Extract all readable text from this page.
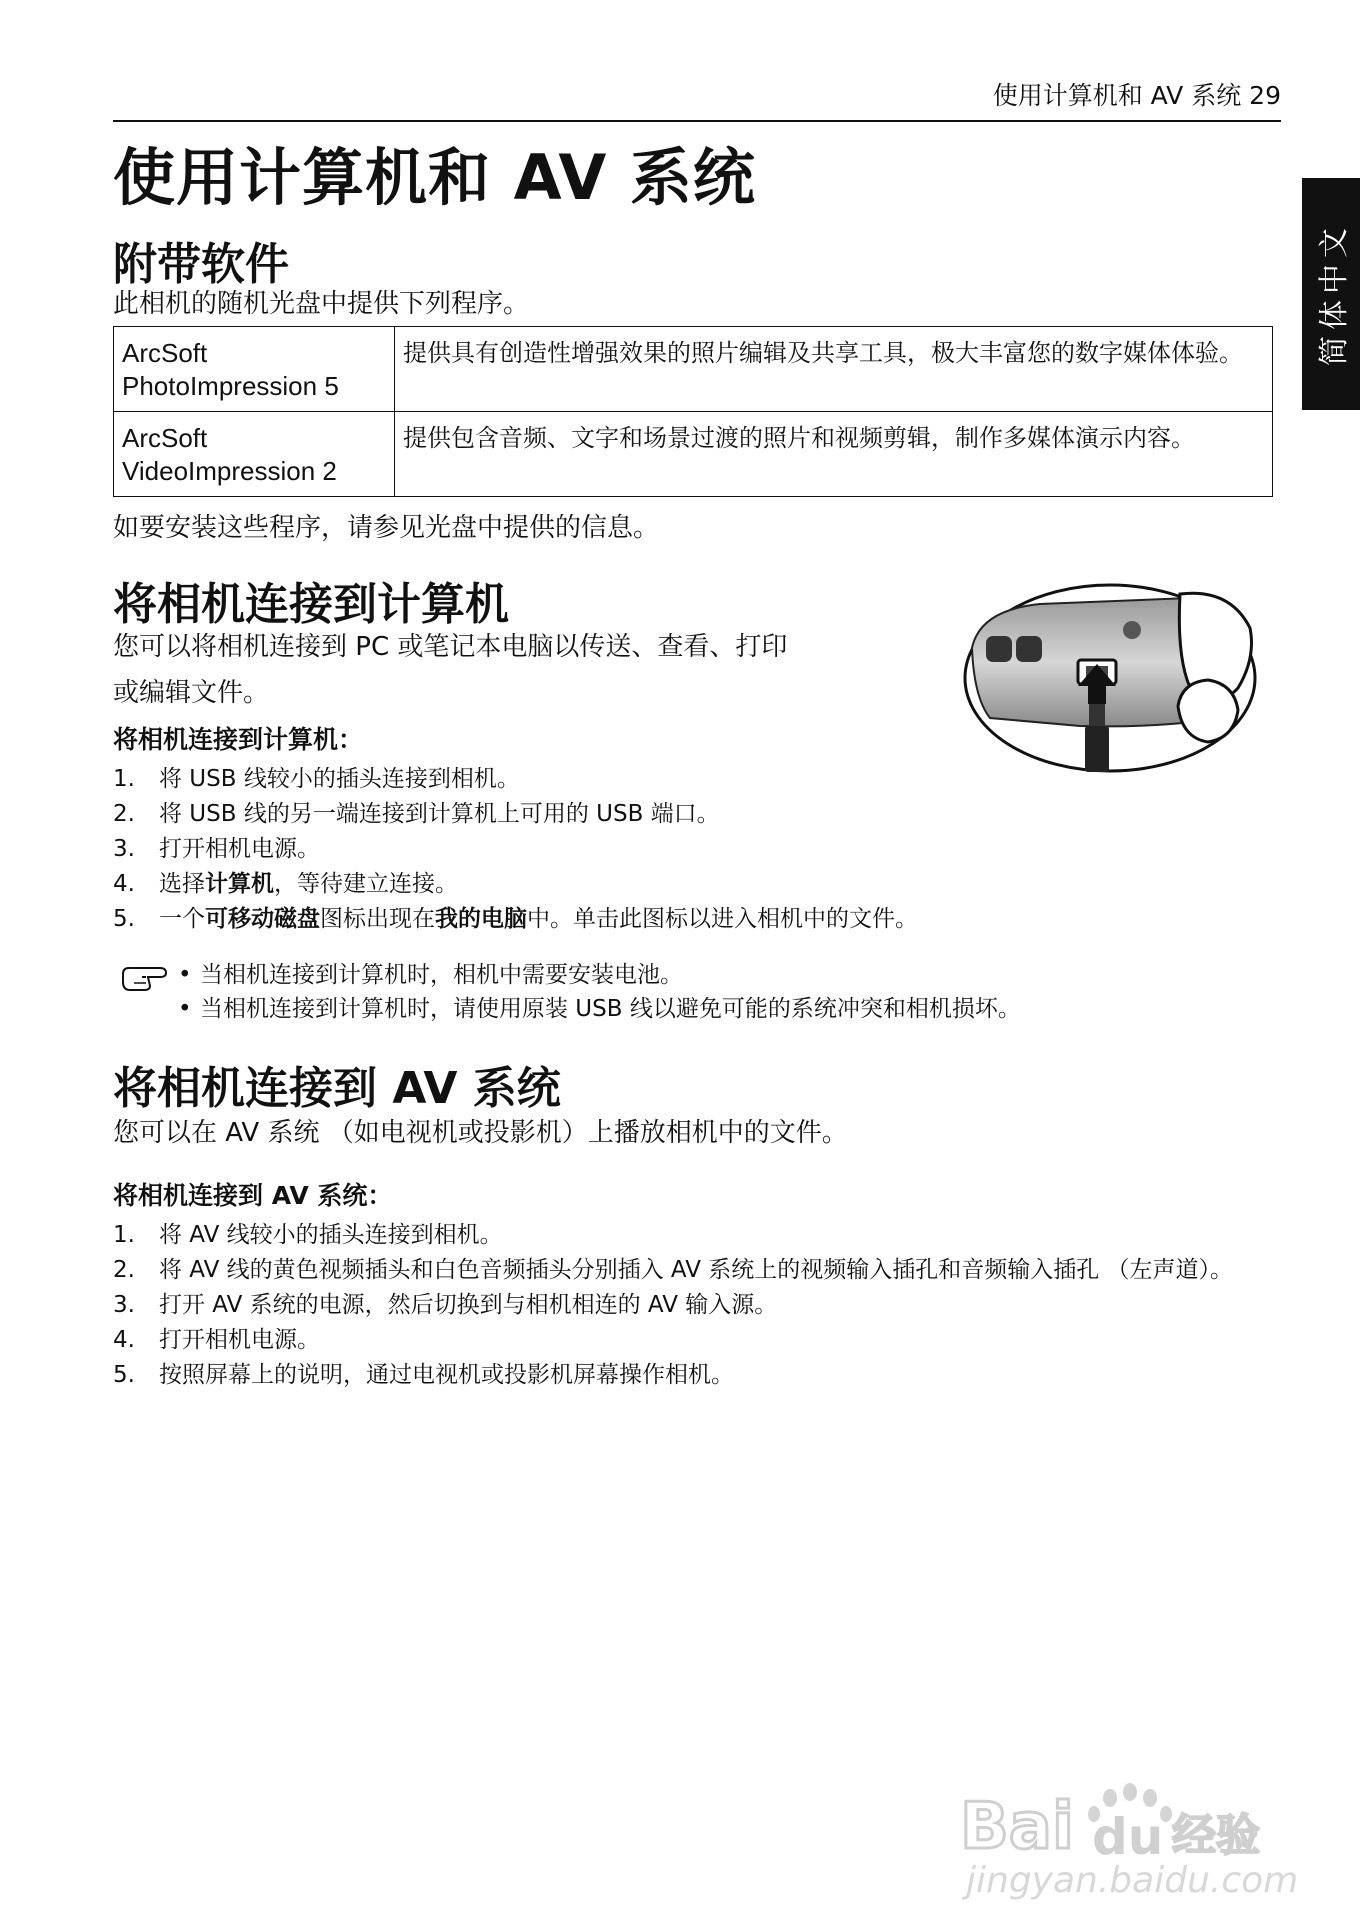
使用计算机和 AV 系统 29
简体中文
使用计算机和 AV 系统
附带软件

此相机的随机光盘中提供下列程序。

ArcSoft
PhotoImpression 5	提供具有创造性增强效果的照片编辑及共享工具，极大丰富您的数字媒体体验。

ArcSoft
VideoImpression 2	提供包含音频、文字和场景过渡的照片和视频剪辑，制作多媒体演示内容。

如要安装这些程序，请参见光盘中提供的信息。

将相机连接到计算机

您可以将相机连接到 PC 或笔记本电脑以传送、查看、打印

或编辑文件。

将相机连接到计算机：

1. 将 USB 线较小的插头连接到相机。
2. 将 USB 线的另一端连接到计算机上可用的 USB 端口。
3. 打开相机电源。
4. 选择计算机，等待建立连接。
5. 一个可移动磁盘图标出现在我的电脑中。单击此图标以进入相机中的文件。
• 当相机连接到计算机时，相机中需要安装电池。
• 当相机连接到计算机时，请使用原装 USB 线以避免可能的系统冲突和相机损坏。
将相机连接到 AV 系统

您可以在 AV 系统 （如电视机或投影机）上播放相机中的文件。

将相机连接到 AV 系统：

1. 将 AV 线较小的插头连接到相机。
2. 将 AV 线的黄色视频插头和白色音频插头分别插入 AV 系统上的视频输入插孔和音频输入插孔 （左声道）。
3. 打开 AV 系统的电源，然后切换到与相机相连的 AV 输入源。
4. 打开相机电源。
5. 按照屏幕上的说明，通过电视机或投影机屏幕操作相机。
Bai du 经验
jingyan.baidu.com
